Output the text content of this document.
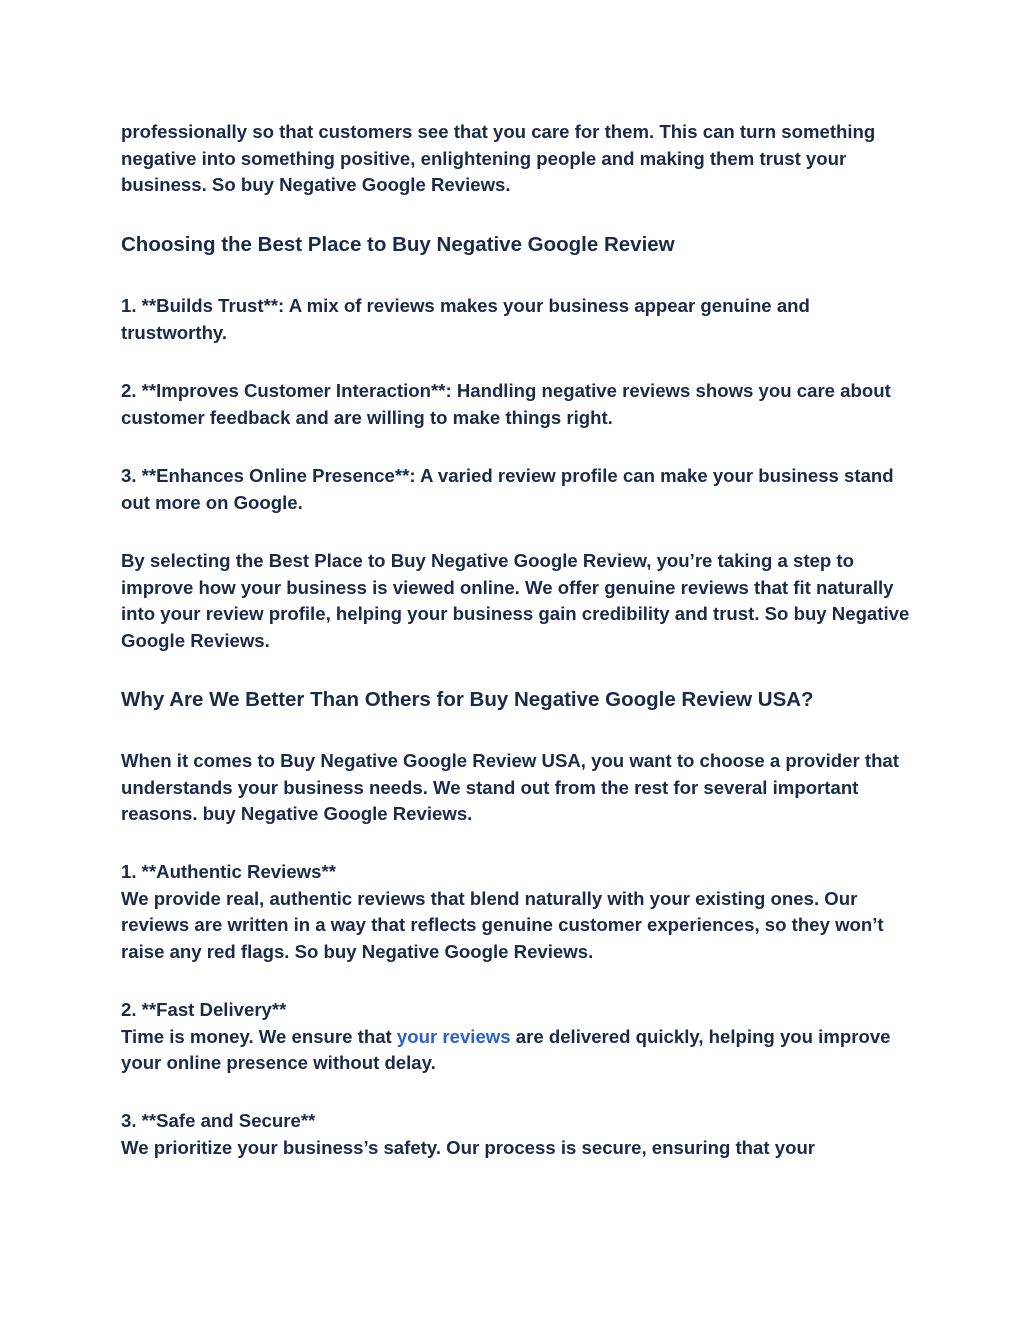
professionally so that customers see that you care for them. This can turn something negative into something positive, enlightening people and making them trust your business. So buy Negative Google Reviews.

Choosing the Best Place to Buy Negative Google Review

1. **Builds Trust**: A mix of reviews makes your business appear genuine and trustworthy.

2. **Improves Customer Interaction**: Handling negative reviews shows you care about customer feedback and are willing to make things right.

3. **Enhances Online Presence**: A varied review profile can make your business stand out more on Google.

By selecting the Best Place to Buy Negative Google Review, you’re taking a step to improve how your business is viewed online. We offer genuine reviews that fit naturally into your review profile, helping your business gain credibility and trust. So buy Negative Google Reviews.

Why Are We Better Than Others for Buy Negative Google Review USA?

When it comes to Buy Negative Google Review USA, you want to choose a provider that understands your business needs. We stand out from the rest for several important reasons. buy Negative Google Reviews.

1. **Authentic Reviews**

We provide real, authentic reviews that blend naturally with your existing ones. Our reviews are written in a way that reflects genuine customer experiences, so they won’t raise any red flags. So buy Negative Google Reviews.

2. **Fast Delivery**

Time is money. We ensure that your reviews are delivered quickly, helping you improve your online presence without delay.

3. **Safe and Secure**

We prioritize your business’s safety. Our process is secure, ensuring that your
